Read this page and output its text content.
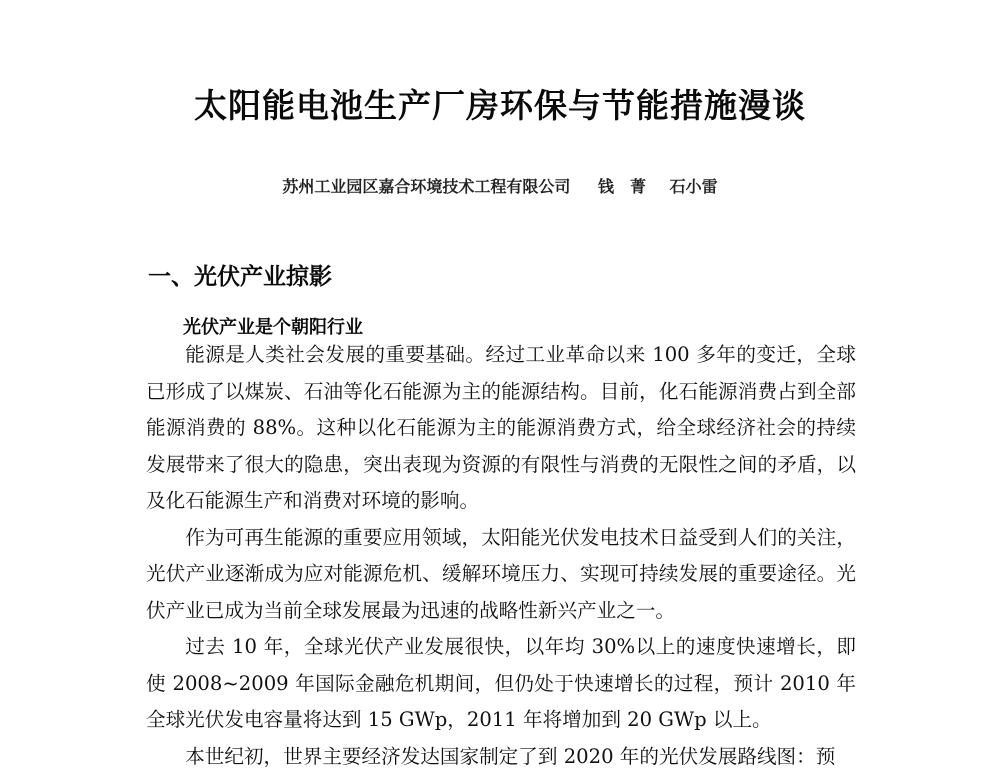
太阳能电池生产厂房环保与节能措施漫谈
苏州工业园区嘉合环境技术工程有限公司 钱　菁 石小雷
一、光伏产业掠影
光伏产业是个朝阳行业

能源是人类社会发展的重要基础。经过工业革命以来 100 多年的变迁，全球已形成了以煤炭、石油等化石能源为主的能源结构。目前，化石能源消费占到全部能源消费的 88%。这种以化石能源为主的能源消费方式，给全球经济社会的持续发展带来了很大的隐患，突出表现为资源的有限性与消费的无限性之间的矛盾，以及化石能源生产和消费对环境的影响。

作为可再生能源的重要应用领域，太阳能光伏发电技术日益受到人们的关注，光伏产业逐渐成为应对能源危机、缓解环境压力、实现可持续发展的重要途径。光伏产业已成为当前全球发展最为迅速的战略性新兴产业之一。

过去 10 年，全球光伏产业发展很快，以年均 30%以上的速度快速增长，即使 2008~2009 年国际金融危机期间，但仍处于快速增长的过程，预计 2010 年全球光伏发电容量将达到 15 GWp，2011 年将增加到 20 GWp 以上。

本世纪初，世界主要经济发达国家制定了到 2020 年的光伏发展路线图：预
